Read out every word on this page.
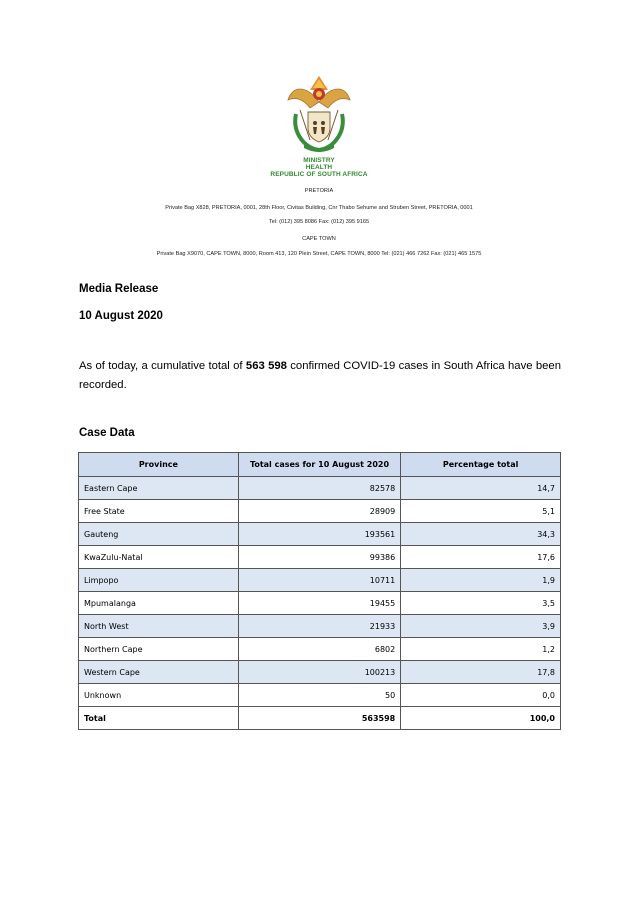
MINISTRY
HEALTH
REPUBLIC OF SOUTH AFRICA
PRETORIA
Private Bag X828, PRETORIA, 0001, 28th Floor, Civitas Building, Cnr Thabo Sehume and Struben Street, PRETORIA, 0001
Tel: (012) 395 8086 Fax: (012) 395 9165
CAPE TOWN
Private Bag X9070, CAPE TOWN, 8000, Room 413, 120 Plein Street, CAPE TOWN, 8000 Tel: (021) 466 7262 Fax: (021) 465 1575
Media Release
10 August 2020
As of today, a cumulative total of 563 598 confirmed COVID-19 cases in South Africa have been recorded.
Case Data
Province	Total cases for 10 August 2020	Percentage total
Eastern Cape	82578	14,7
Free State	28909	5,1
Gauteng	193561	34,3
KwaZulu-Natal	99386	17,6
Limpopo	10711	1,9
Mpumalanga	19455	3,5
North West	21933	3,9
Northern Cape	6802	1,2
Western Cape	100213	17,8
Unknown	50	0,0
Total	563598	100,0
